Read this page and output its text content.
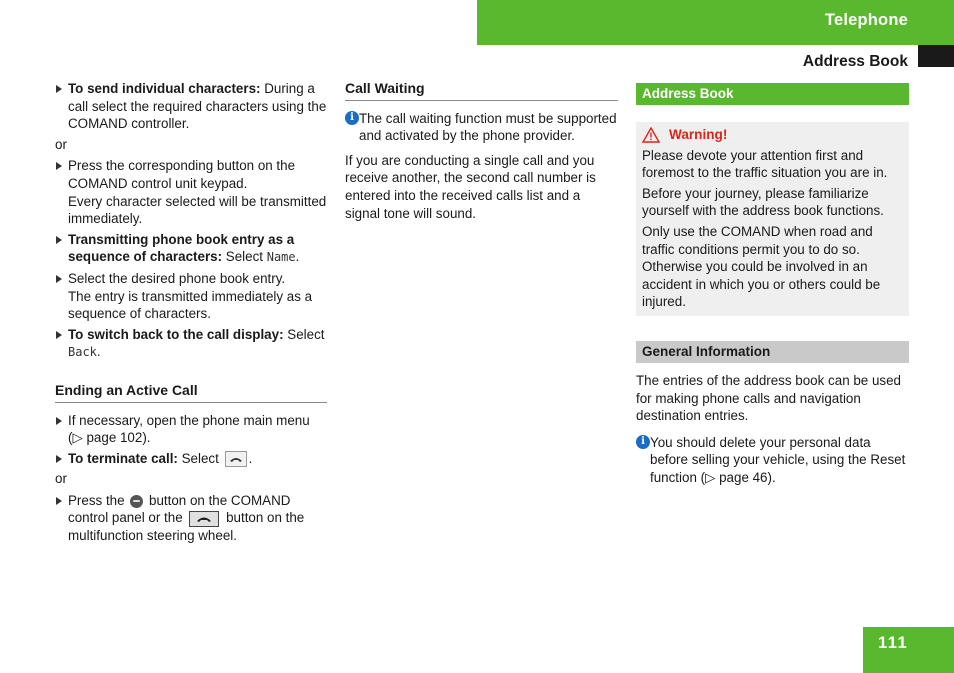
Telephone
Address Book

To send individual characters: During a call select the required characters using the COMAND controller.

or

Press the corresponding button on the COMAND control unit keypad.
Every character selected will be transmitted immediately.

Transmitting phone book entry as a sequence of characters: Select Name.

Select the desired phone book entry.
The entry is transmitted immediately as a sequence of characters.

To switch back to the call display: Select
Back.

Ending an Active Call

If necessary, open the phone main menu (▷ page 102).

To terminate call: Select .

or

Press the  button on the COMAND control panel or the	button on the multifunction steering wheel.

Call Waiting
i The call waiting function must be supported and activated by the phone provider.

If you are conducting a single call and you receive another, the second call number is entered into the received calls list and a signal tone will sound.

Address Book
Warning!

Please devote your attention first and foremost to the traffic situation you are in.

Before your journey, please familiarize yourself with the address book functions.

Only use the COMAND when road and traffic conditions permit you to do so. Otherwise you could be involved in an accident in which you or others could be injured.

General Information

The entries of the address book can be used for making phone calls and navigation destination entries.

i You should delete your personal data before selling your vehicle, using the Reset function (▷ page 46).

111
